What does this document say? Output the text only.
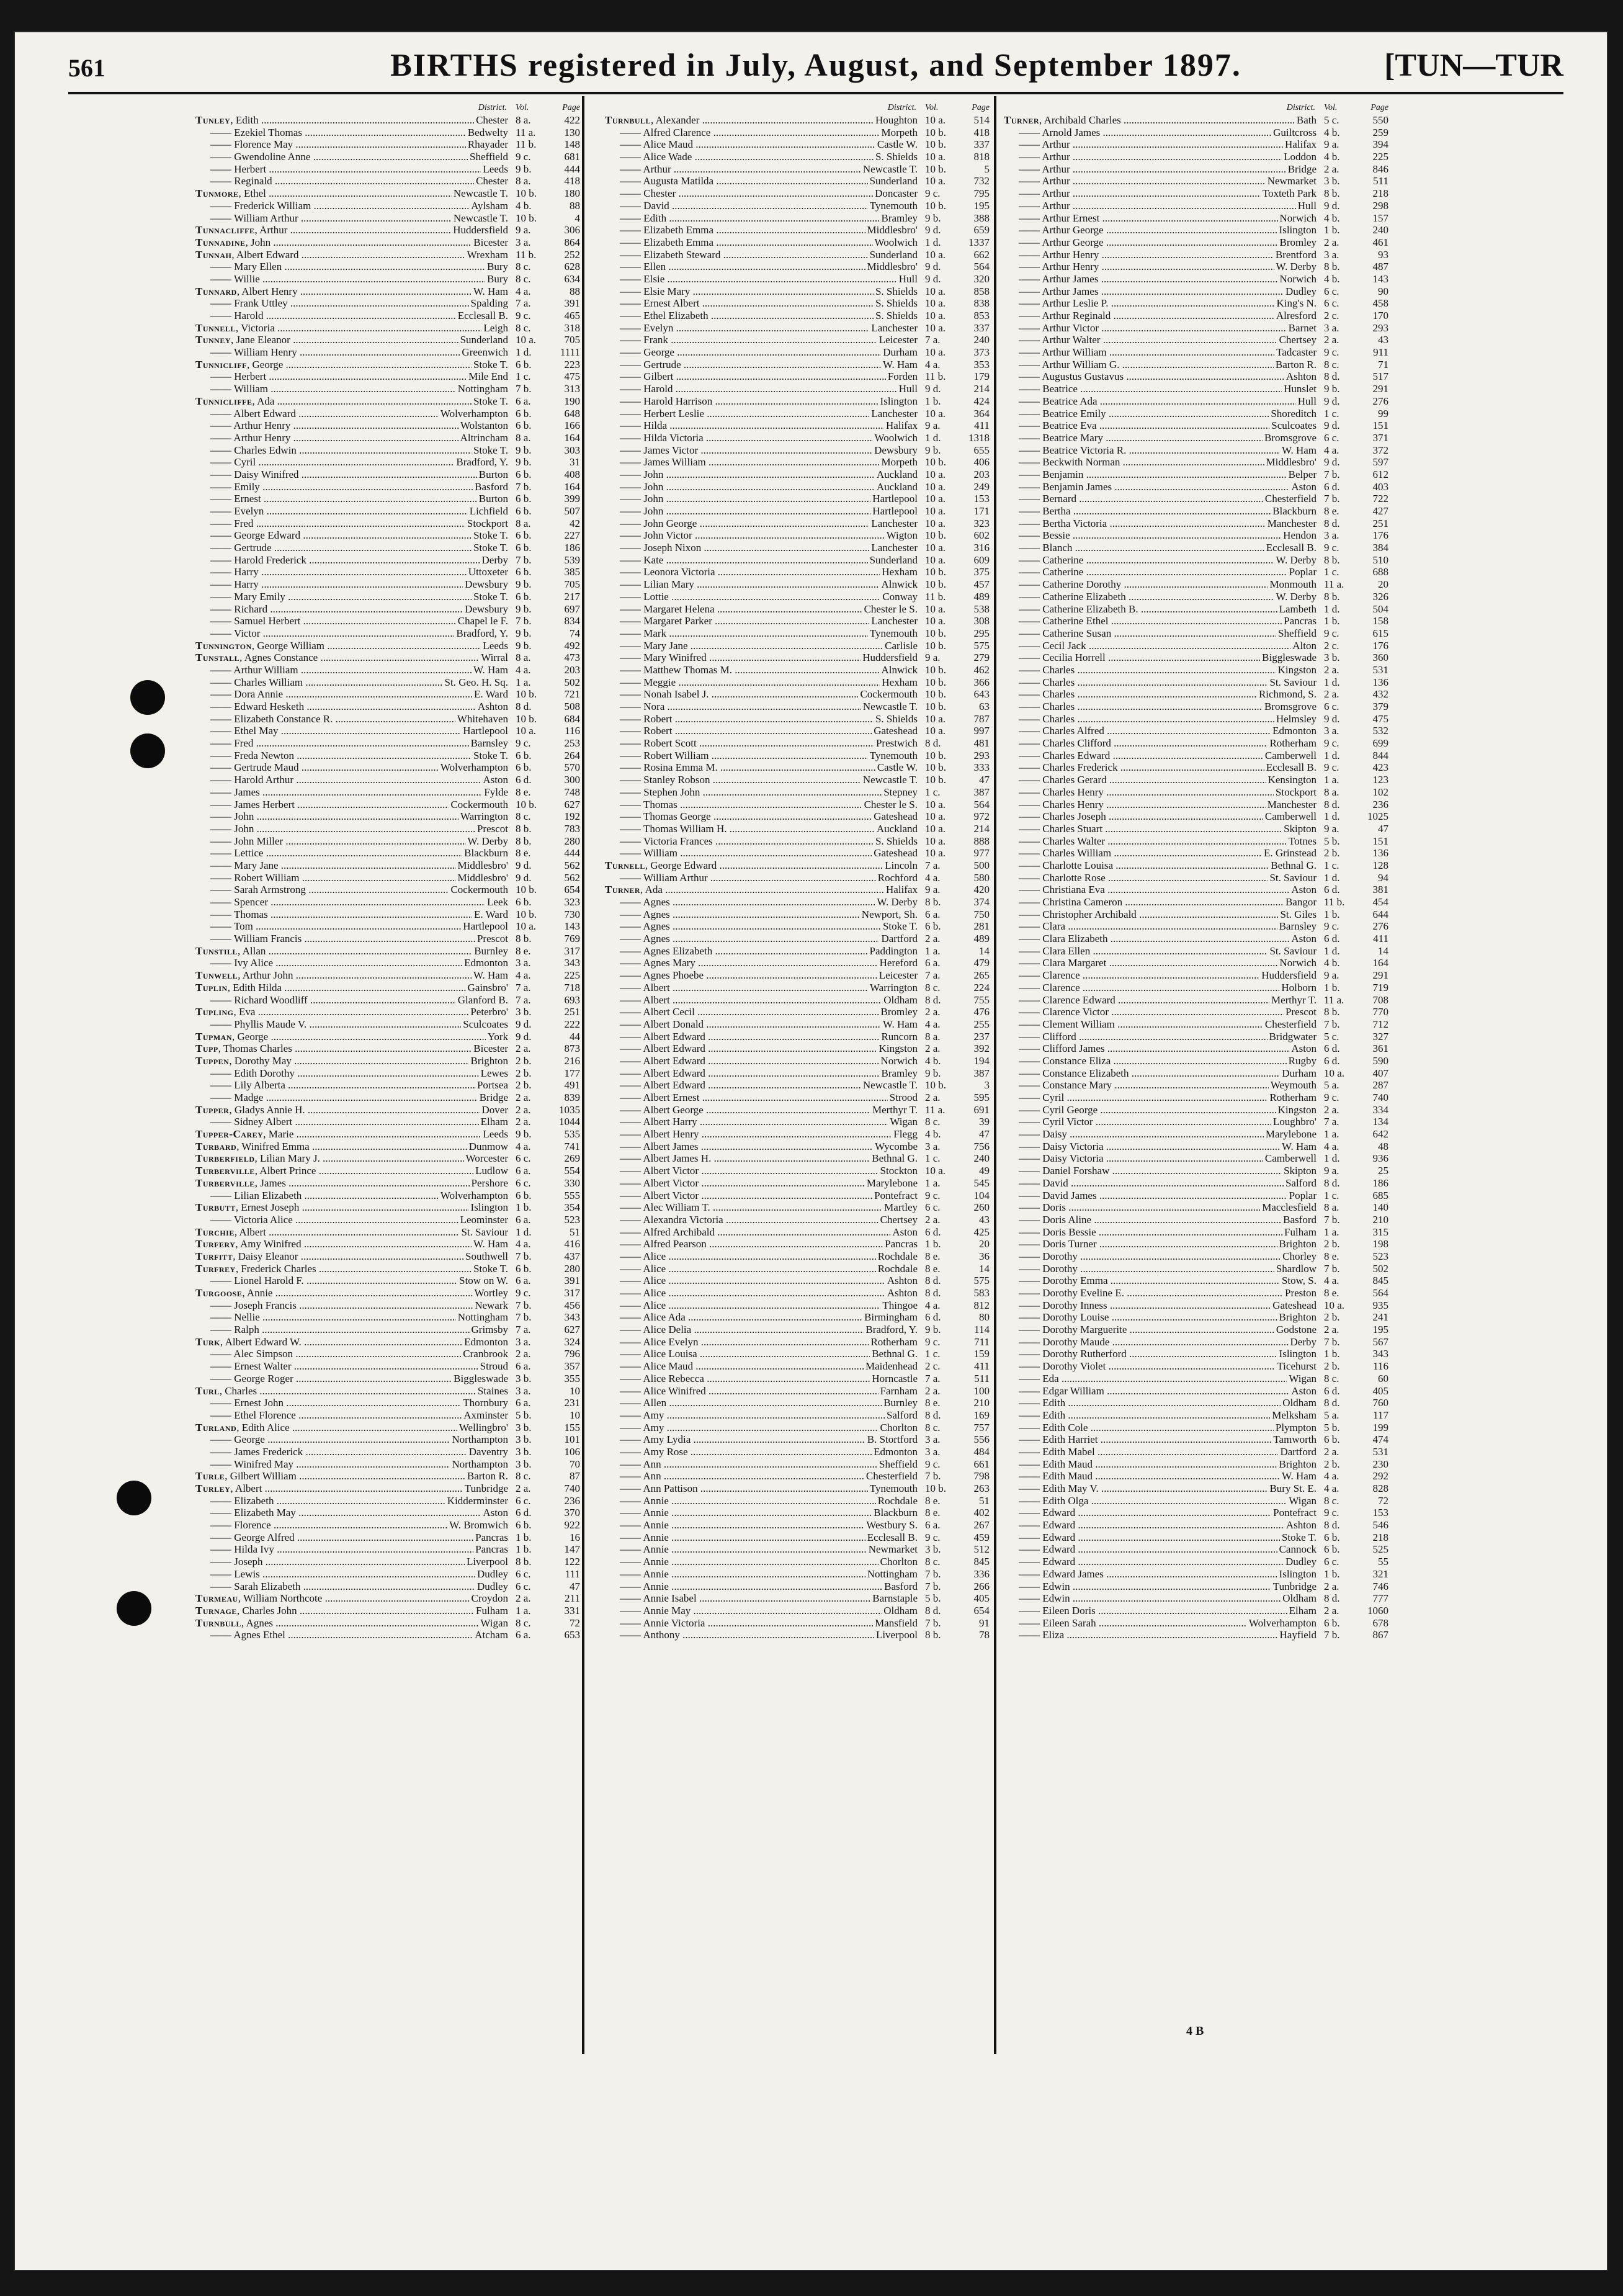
561	BIRTHS registered in July, August, and September 1897.	[TUN—TUR
District.	Vol.	Page
Tunley, Edith .....	Chester 8 a.	422
—— Ezekiel Thomas .....	Bedwelty 11 a.	130
—— Florence May .....	Rhayader 11 b.	148
—— Gwendoline Anne .....	Sheffield 9 c.	681
—— Herbert .....	Leeds 9 b.	444
—— Reginald .....	Chester 8 a.	418
Tunmore, Ethel .....	Newcastle T. 10 b.	180
—— Frederick William .....	Aylsham 4 b.	88
—— William Arthur .....	Newcastle T. 10 b.	4
Tunnacliffe, Arthur .....	Huddersfield 9 a.	306
Tunnadine, John .....	Bicester 3 a.	864
Tunnah, Albert Edward .....	Wrexham 11 b.	252
—— Mary Ellen .....	Bury 8 c.	628
—— Willie .....	Bury 8 c.	634
Tunnard, Albert Henry .....	W. Ham 4 a.	88
—— Frank Uttley .....	Spalding 7 a.	391
—— Harold .....	Ecclesall B. 9 c.	465
Tunnell, Victoria .....	Leigh 8 c.	318
Tunney, Jane Eleanor .....	Sunderland 10 a.	705
—— William Henry .....	Greenwich 1 d.	1111
Tunnicliff, George .....	Stoke T. 6 b.	223
—— Herbert .....	Mile End 1 c.	475
—— William .....	Nottingham 7 b.	313
Tunnicliffe, Ada .....	Stoke T. 6 a.	190
—— Albert Edward .....	Wolverhampton 6 b.	648
—— Arthur Henry .....	Wolstanton 6 b.	166
—— Arthur Henry .....	Altrincham 8 a.	164
—— Charles Edwin .....	Stoke T. 9 b.	303
—— Cyril .....	Bradford, Y. 9 b.	31
—— Daisy Winifred .....	Burton 6 b.	408
—— Emily .....	Basford 7 b.	164
—— Ernest .....	Burton 6 b.	399
—— Evelyn .....	Lichfield 6 b.	507
—— Fred .....	Stockport 8 a.	42
—— George Edward .....	Stoke T. 6 b.	227
—— Gertrude .....	Stoke T. 6 b.	186
—— Harold Frederick .....	Derby 7 b.	539
—— Harry .....	Uttoxeter 6 b.	385
—— Harry .....	Dewsbury 9 b.	705
—— Mary Emily .....	Stoke T. 6 b.	217
—— Richard .....	Dewsbury 9 b.	697
—— Samuel Herbert .....	Chapel le F. 7 b.	834
—— Victor .....	Bradford, Y. 9 b.	74
Tunnington, George William .....	Leeds 9 b.	492
Tunstall, Agnes Constance .....	Wirral 8 a.	473
—— Arthur William .....	W. Ham 4 a.	203
—— Charles William .....	St. Geo. H. Sq. 1 a.	502
—— Dora Annie .....	E. Ward 10 b.	721
—— Edward Hesketh .....	Ashton 8 d.	508
—— Elizabeth Constance R. .....	Whitehaven 10 b.	684
—— Ethel May .....	Hartlepool 10 a.	116
—— Fred .....	Barnsley 9 c.	253
—— Freda Newton .....	Stoke T. 6 b.	264
—— Gertrude Maud .....	Wolverhampton 6 b.	570
—— Harold Arthur .....	Aston 6 d.	300
—— James .....	Fylde 8 e.	748
—— James Herbert .....	Cockermouth 10 b.	627
—— John .....	Warrington 8 c.	192
—— John .....	Prescot 8 b.	783
—— John Miller .....	W. Derby 8 b.	280
—— Lettice .....	Blackburn 8 e.	444
—— Mary Jane .....	Middlesbro' 9 d.	562
—— Robert William .....	Middlesbro' 9 d.	562
—— Sarah Armstrong .....	Cockermouth 10 b.	654
—— Spencer .....	Leek 6 b.	323
—— Thomas .....	E. Ward 10 b.	730
—— Tom .....	Hartlepool 10 a.	143
—— William Francis .....	Prescot 8 b.	769
Tunstill, Allan .....	Burnley 8 e.	317
—— Ivy Alice .....	Edmonton 3 a.	343
Tunwell, Arthur John .....	W. Ham 4 a.	225
Tuplin, Edith Hilda .....	Gainsbro' 7 a.	718
—— Richard Woodliff .....	Glanford B. 7 a.	693
Tupling, Eva .....	Peterbro' 3 b.	251
—— Phyllis Maude V. .....	Sculcoates 9 d.	222
Tupman, George .....	York 9 d.	44
Tupp, Thomas Charles .....	Bicester 2 a.	873
Tuppen, Dorothy May .....	Brighton 2 b.	216
—— Edith Dorothy .....	Lewes 2 b.	177
—— Lily Alberta .....	Portsea 2 b.	491
—— Madge .....	Bridge 2 a.	839
Tupper, Gladys Annie H. .....	Dover 2 a.	1035
—— Sidney Albert .....	Elham 2 a.	1044
Tupper-Carey, Marie .....	Leeds 9 b.	535
Turbard, Winifred Emma .....	Dunmow 4 a.	741
Turberfield, Lilian Mary J. .....	Worcester 6 c.	269
Turberville, Albert Prince .....	Ludlow 6 a.	554
Turberville, James .....	Pershore 6 c.	330
—— Lilian Elizabeth .....	Wolverhampton 6 b.	555
Turbutt, Ernest Joseph .....	Islington 1 b.	354
—— Victoria Alice .....	Leominster 6 a.	523
Turchie, Albert .....	St. Saviour 1 d.	51
Turfery, Amy Winifred .....	W. Ham 4 a.	416
Turfitt, Daisy Eleanor .....	Southwell 7 b.	437
Turfrey, Frederick Charles .....	Stoke T. 6 b.	280
—— Lionel Harold F. .....	Stow on W. 6 a.	391
Turgoose, Annie .....	Wortley 9 c.	317
—— Joseph Francis .....	Newark 7 b.	456
—— Nellie .....	Nottingham 7 b.	343
—— Ralph .....	Grimsby 7 a.	627
Turk, Albert Edward W. .....	Edmonton 3 a.	324
—— Alec Simpson .....	Cranbrook 2 a.	796
—— Ernest Walter .....	Stroud 6 a.	357
—— George Roger .....	Biggleswade 3 b.	355
Turl, Charles .....	Staines 3 a.	10
—— Ernest John .....	Thornbury 6 a.	231
—— Ethel Florence .....	Axminster 5 b.	10
Turland, Edith Alice .....	Wellingbro' 3 b.	155
—— George .....	Northampton 3 b.	101
—— James Frederick .....	Daventry 3 b.	106
—— Winifred May .....	Northampton 3 b.	70
Turle, Gilbert William .....	Barton R. 8 c.	87
Turley, Albert .....	Tunbridge 2 a.	740
—— Elizabeth .....	Kidderminster 6 c.	236
—— Elizabeth May .....	Aston 6 d.	370
—— Florence .....	W. Bromwich 6 b.	922
—— George Alfred .....	Pancras 1 b.	16
—— Hilda Ivy .....	Pancras 1 b.	147
—— Joseph .....	Liverpool 8 b.	122
—— Lewis .....	Dudley 6 c.	111
—— Sarah Elizabeth .....	Dudley 6 c.	47
Turmeau, William Northcote .....	Croydon 2 a.	211
Turnage, Charles John .....	Fulham 1 a.	331
Turnbull, Agnes .....	Wigan 8 c.	72
—— Agnes Ethel .....	Atcham 6 a.	653
District.	Vol.	Page
Turnbull, Alexander .....	Houghton 10 a.	514
—— Alfred Clarence .....	Morpeth 10 b.	418
—— Alice Maud .....	Castle W. 10 b.	337
—— Alice Wade .....	S. Shields 10 a.	818
—— Arthur .....	Newcastle T. 10 b.	5
—— Augusta Matilda .....	Sunderland 10 a.	732
—— Chester .....	Doncaster 9 c.	795
—— David .....	Tynemouth 10 b.	195
—— Edith .....	Bramley 9 b.	388
—— Elizabeth Emma .....	Middlesbro' 9 d.	659
—— Elizabeth Emma .....	Woolwich 1 d.	1337
—— Elizabeth Steward .....	Sunderland 10 a.	662
—— Ellen .....	Middlesbro' 9 d.	564
—— Elsie .....	Hull 9 d.	320
—— Elsie Mary .....	S. Shields 10 a.	858
—— Ernest Albert .....	S. Shields 10 a.	838
—— Ethel Elizabeth .....	S. Shields 10 a.	853
—— Evelyn .....	Lanchester 10 a.	337
—— Frank .....	Leicester 7 a.	240
—— George .....	Durham 10 a.	373
—— Gertrude .....	W. Ham 4 a.	353
—— Gilbert .....	Forden 11 b.	179
—— Harold .....	Hull 9 d.	214
—— Harold Harrison .....	Islington 1 b.	424
—— Herbert Leslie .....	Lanchester 10 a.	364
—— Hilda .....	Halifax 9 a.	411
—— Hilda Victoria .....	Woolwich 1 d.	1318
—— James Victor .....	Dewsbury 9 b.	655
—— James William .....	Morpeth 10 b.	406
—— John .....	Auckland 10 a.	203
—— John .....	Auckland 10 a.	249
—— John .....	Hartlepool 10 a.	153
—— John .....	Hartlepool 10 a.	171
—— John George .....	Lanchester 10 a.	323
—— John Victor .....	Wigton 10 b.	602
—— Joseph Nixon .....	Lanchester 10 a.	316
—— Kate .....	Sunderland 10 a.	609
—— Leonora Victoria .....	Hexham 10 b.	375
—— Lilian Mary .....	Alnwick 10 b.	457
—— Lottie .....	Conway 11 b.	489
—— Margaret Helena .....	Chester le S. 10 a.	538
—— Margaret Parker .....	Lanchester 10 a.	308
—— Mark .....	Tynemouth 10 b.	295
—— Mary Jane .....	Carlisle 10 b.	575
—— Mary Winifred .....	Huddersfield 9 a.	279
—— Matthew Thomas M. .....	Alnwick 10 b.	462
—— Meggie .....	Hexham 10 b.	366
—— Nonah Isabel J. .....	Cockermouth 10 b.	643
—— Nora .....	Newcastle T. 10 b.	63
—— Robert .....	S. Shields 10 a.	787
—— Robert .....	Gateshead 10 a.	997
—— Robert Scott .....	Prestwich 8 d.	481
—— Robert William .....	Tynemouth 10 b.	293
—— Rosina Emma M. .....	Castle W. 10 b.	333
—— Stanley Robson .....	Newcastle T. 10 b.	47
—— Stephen John .....	Stepney 1 c.	387
—— Thomas .....	Chester le S. 10 a.	564
—— Thomas George .....	Gateshead 10 a.	972
—— Thomas William H. .....	Auckland 10 a.	214
—— Victoria Frances .....	S. Shields 10 a.	888
—— William .....	Gateshead 10 a.	977
Turnell, George Edward .....	Lincoln 7 a.	500
—— William Arthur .....	Rochford 4 a.	580
Turner, Ada .....	Halifax 9 a.	420
—— Agnes .....	W. Derby 8 b.	374
—— Agnes .....	Newport, Sh. 6 a.	750
—— Agnes .....	Stoke T. 6 b.	281
—— Agnes .....	Dartford 2 a.	489
—— Agnes Elizabeth .....	Paddington 1 a.	14
—— Agnes Mary .....	Hereford 6 a.	479
—— Agnes Phoebe .....	Leicester 7 a.	265
—— Albert .....	Warrington 8 c.	224
—— Albert .....	Oldham 8 d.	755
—— Albert Cecil .....	Bromley 2 a.	476
—— Albert Donald .....	W. Ham 4 a.	255
—— Albert Edward .....	Runcorn 8 a.	237
—— Albert Edward .....	Kingston 2 a.	392
—— Albert Edward .....	Norwich 4 b.	194
—— Albert Edward .....	Bramley 9 b.	387
—— Albert Edward .....	Newcastle T. 10 b.	3
—— Albert Ernest .....	Strood 2 a.	595
—— Albert George .....	Merthyr T. 11 a.	691
—— Albert Harry .....	Wigan 8 c.	39
—— Albert Henry .....	Flegg 4 b.	47
—— Albert James .....	Wycombe 3 a.	756
—— Albert James H. .....	Bethnal G. 1 c.	240
—— Albert Victor .....	Stockton 10 a.	49
—— Albert Victor .....	Marylebone 1 a.	545
—— Albert Victor .....	Pontefract 9 c.	104
—— Alec William T. .....	Martley 6 c.	260
—— Alexandra Victoria .....	Chertsey 2 a.	43
—— Alfred Archibald .....	Aston 6 d.	425
—— Alfred Pearson .....	Pancras 1 b.	20
—— Alice .....	Rochdale 8 e.	36
—— Alice .....	Rochdale 8 e.	14
—— Alice .....	Ashton 8 d.	575
—— Alice .....	Ashton 8 d.	583
—— Alice .....	Thingoe 4 a.	812
—— Alice Ada .....	Birmingham 6 d.	80
—— Alice Delia .....	Bradford, Y. 9 b.	114
—— Alice Evelyn .....	Rotherham 9 c.	711
—— Alice Louisa .....	Bethnal G. 1 c.	159
—— Alice Maud .....	Maidenhead 2 c.	411
—— Alice Rebecca .....	Horncastle 7 a.	511
—— Alice Winifred .....	Farnham 2 a.	100
—— Allen .....	Burnley 8 e.	210
—— Amy .....	Salford 8 d.	169
—— Amy .....	Chorlton 8 c.	757
—— Amy Lydia .....	B. Stortford 3 a.	556
—— Amy Rose .....	Edmonton 3 a.	484
—— Ann .....	Sheffield 9 c.	661
—— Ann .....	Chesterfield 7 b.	798
—— Ann Pattison .....	Tynemouth 10 b.	263
—— Annie .....	Rochdale 8 e.	51
—— Annie .....	Blackburn 8 e.	402
—— Annie .....	Westbury S. 6 a.	267
—— Annie .....	Ecclesall B. 9 c.	459
—— Annie .....	Newmarket 3 b.	512
—— Annie .....	Chorlton 8 c.	845
—— Annie .....	Nottingham 7 b.	336
—— Annie .....	Basford 7 b.	266
—— Annie Isabel .....	Barnstaple 5 b.	405
—— Annie May .....	Oldham 8 d.	654
—— Annie Victoria .....	Mansfield 7 b.	91
—— Anthony .....	Liverpool 8 b.	78
District.	Vol.	Page
Turner, Archibald Charles .....	Bath 5 c.	550
—— Arnold James .....	Guiltcross 4 b.	259
—— Arthur .....	Halifax 9 a.	394
—— Arthur .....	Loddon 4 b.	225
—— Arthur .....	Bridge 2 a.	846
—— Arthur .....	Newmarket 3 b.	511
—— Arthur .....	Toxteth Park 8 b.	218
—— Arthur .....	Hull 9 d.	298
—— Arthur Ernest .....	Norwich 4 b.	157
—— Arthur George .....	Islington 1 b.	240
—— Arthur George .....	Bromley 2 a.	461
—— Arthur Henry .....	Brentford 3 a.	93
—— Arthur Henry .....	W. Derby 8 b.	487
—— Arthur James .....	Norwich 4 b.	143
—— Arthur James .....	Dudley 6 c.	90
—— Arthur Leslie P. .....	King's N. 6 c.	458
—— Arthur Reginald .....	Alresford 2 c.	170
—— Arthur Victor .....	Barnet 3 a.	293
—— Arthur Walter .....	Chertsey 2 a.	43
—— Arthur William .....	Tadcaster 9 c.	911
—— Arthur William G. .....	Barton R. 8 c.	71
—— Augustus Gustavus .....	Ashton 8 d.	517
—— Beatrice .....	Hunslet 9 b.	291
—— Beatrice Ada .....	Hull 9 d.	276
—— Beatrice Emily .....	Shoreditch 1 c.	99
—— Beatrice Eva .....	Sculcoates 9 d.	151
—— Beatrice Mary .....	Bromsgrove 6 c.	371
—— Beatrice Victoria R. .....	W. Ham 4 a.	372
—— Beckwith Norman .....	Middlesbro' 9 d.	597
—— Benjamin .....	Belper 7 b.	612
—— Benjamin James .....	Aston 6 d.	403
—— Bernard .....	Chesterfield 7 b.	722
—— Bertha .....	Blackburn 8 e.	427
—— Bertha Victoria .....	Manchester 8 d.	251
—— Bessie .....	Hendon 3 a.	176
—— Blanch .....	Ecclesall B. 9 c.	384
—— Catherine .....	W. Derby 8 b.	510
—— Catherine .....	Poplar 1 c.	688
—— Catherine Dorothy .....	Monmouth 11 a.	20
—— Catherine Elizabeth .....	W. Derby 8 b.	326
—— Catherine Elizabeth B. .....	Lambeth 1 d.	504
—— Catherine Ethel .....	Pancras 1 b.	158
—— Catherine Susan .....	Sheffield 9 c.	615
—— Cecil Jack .....	Alton 2 c.	176
—— Cecilia Horrell .....	Biggleswade 3 b.	360
—— Charles .....	Kingston 2 a.	531
—— Charles .....	St. Saviour 1 d.	136
—— Charles .....	Richmond, S. 2 a.	432
—— Charles .....	Bromsgrove 6 c.	379
—— Charles .....	Helmsley 9 d.	475
—— Charles Alfred .....	Edmonton 3 a.	532
—— Charles Clifford .....	Rotherham 9 c.	699
—— Charles Edward .....	Camberwell 1 d.	844
—— Charles Frederick .....	Ecclesall B. 9 c.	423
—— Charles Gerard .....	Kensington 1 a.	123
—— Charles Henry .....	Stockport 8 a.	102
—— Charles Henry .....	Manchester 8 d.	236
—— Charles Joseph .....	Camberwell 1 d.	1025
—— Charles Stuart .....	Skipton 9 a.	47
—— Charles Walter .....	Totnes 5 b.	151
—— Charles William .....	E. Grinstead 2 b.	136
—— Charlotte Louisa .....	Bethnal G. 1 c.	128
—— Charlotte Rose .....	St. Saviour 1 d.	94
—— Christiana Eva .....	Aston 6 d.	381
—— Christina Cameron .....	Bangor 11 b.	454
—— Christopher Archibald .....	St. Giles 1 b.	644
—— Clara .....	Barnsley 9 c.	276
—— Clara Elizabeth .....	Aston 6 d.	411
—— Clara Ellen .....	St. Saviour 1 d.	14
—— Clara Margaret .....	Norwich 4 b.	164
—— Clarence .....	Huddersfield 9 a.	291
—— Clarence .....	Holborn 1 b.	719
—— Clarence Edward .....	Merthyr T. 11 a.	708
—— Clarence Victor .....	Prescot 8 b.	770
—— Clement William .....	Chesterfield 7 b.	712
—— Clifford .....	Bridgwater 5 c.	327
—— Clifford James .....	Aston 6 d.	361
—— Constance Eliza .....	Rugby 6 d.	590
—— Constance Elizabeth .....	Durham 10 a.	407
—— Constance Mary .....	Weymouth 5 a.	287
—— Cyril .....	Rotherham 9 c.	740
—— Cyril George .....	Kingston 2 a.	334
—— Cyril Victor .....	Loughbro' 7 a.	134
—— Daisy .....	Marylebone 1 a.	642
—— Daisy Victoria .....	W. Ham 4 a.	48
—— Daisy Victoria .....	Camberwell 1 d.	936
—— Daniel Forshaw .....	Skipton 9 a.	25
—— David .....	Salford 8 d.	186
—— David James .....	Poplar 1 c.	685
—— Doris .....	Macclesfield 8 a.	140
—— Doris Aline .....	Basford 7 b.	210
—— Doris Bessie .....	Fulham 1 a.	315
—— Doris Turner .....	Brighton 2 b.	198
—— Dorothy .....	Chorley 8 e.	523
—— Dorothy .....	Shardlow 7 b.	502
—— Dorothy Emma .....	Stow, S. 4 a.	845
—— Dorothy Eveline E. .....	Preston 8 e.	564
—— Dorothy Inness .....	Gateshead 10 a.	935
—— Dorothy Louise .....	Brighton 2 b.	241
—— Dorothy Marguerite .....	Godstone 2 a.	195
—— Dorothy Maude .....	Derby 7 b.	567
—— Dorothy Rutherford .....	Islington 1 b.	343
—— Dorothy Violet .....	Ticehurst 2 b.	116
—— Eda .....	Wigan 8 c.	60
—— Edgar William .....	Aston 6 d.	405
—— Edith .....	Oldham 8 d.	760
—— Edith .....	Melksham 5 a.	117
—— Edith Cole .....	Plympton 5 b.	199
—— Edith Harriet .....	Tamworth 6 b.	474
—— Edith Mabel .....	Dartford 2 a.	531
—— Edith Maud .....	Brighton 2 b.	230
—— Edith Maud .....	W. Ham 4 a.	292
—— Edith May V. .....	Bury St. E. 4 a.	828
—— Edith Olga .....	Wigan 8 c.	72
—— Edward .....	Pontefract 9 c.	153
—— Edward .....	Ashton 8 d.	546
—— Edward .....	Stoke T. 6 b.	218
—— Edward .....	Cannock 6 b.	525
—— Edward .....	Dudley 6 c.	55
—— Edward James .....	Islington 1 b.	321
—— Edwin .....	Tunbridge 2 a.	746
—— Edwin .....	Oldham 8 d.	777
—— Eileen Doris .....	Elham 2 a.	1060
—— Eileen Sarah .....	Wolverhampton 6 b.	678
—— Eliza .....	Hayfield 7 b.	867
4 B
